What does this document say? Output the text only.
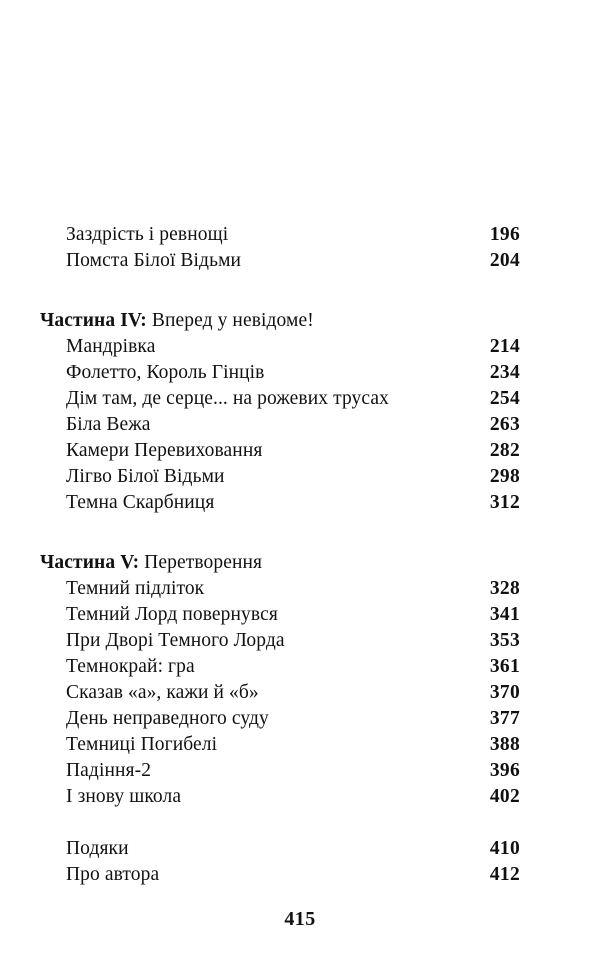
Заздрість і ревнощі	196
Помста Білої Відьми	204
Частина IV: Вперед у невідоме!
Мандрівка	214
Фолетто, Король Гінців	234
Дім там, де серце... на рожевих трусах	254
Біла Вежа	263
Камери Перевиховання	282
Лігво Білої Відьми	298
Темна Скарбниця	312
Частина V: Перетворення
Темний підліток	328
Темний Лорд повернувся	341
При Дворі Темного Лорда	353
Темнокрай: гра	361
Сказав «а», кажи й «б»	370
День неправедного суду	377
Темниці Погибелі	388
Падіння-2	396
І знову школа	402
Подяки	410
Про автора	412
415
